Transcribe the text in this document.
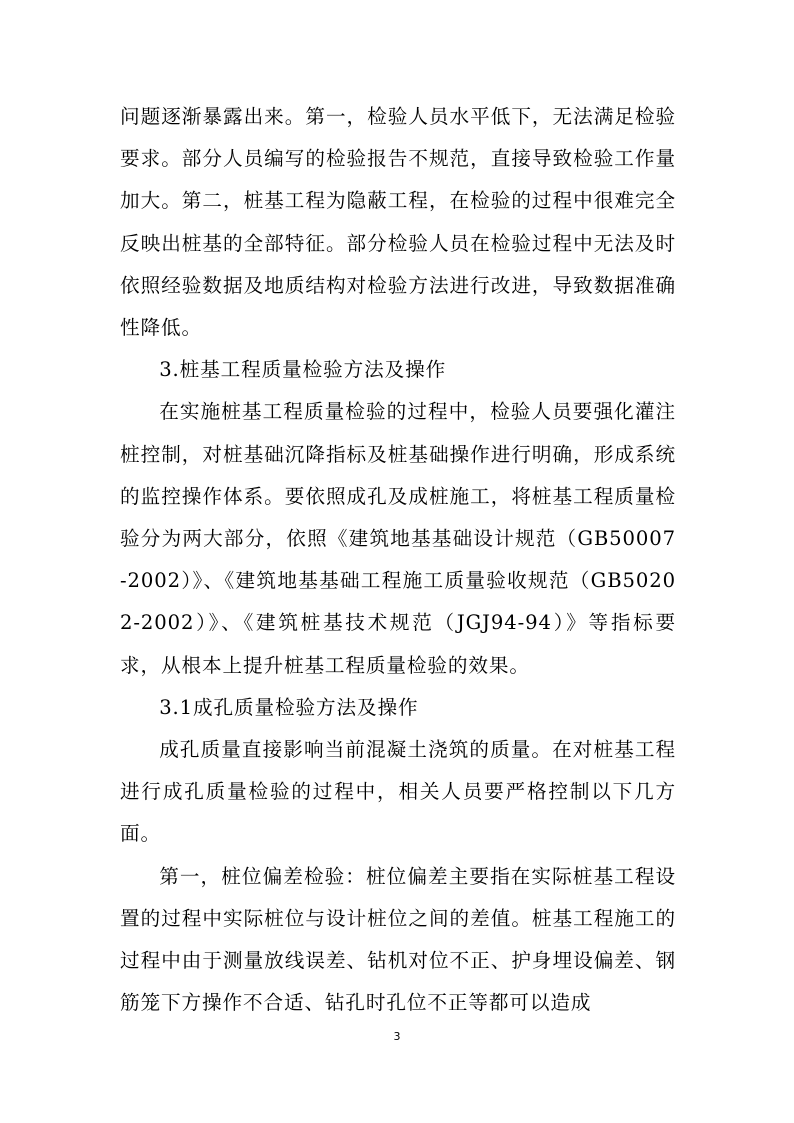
问题逐渐暴露出来。第一，检验人员水平低下，无法满足检验要求。部分人员编写的检验报告不规范，直接导致检验工作量加大。第二，桩基工程为隐蔽工程，在检验的过程中很难完全反映出桩基的全部特征。部分检验人员在检验过程中无法及时依照经验数据及地质结构对检验方法进行改进，导致数据准确性降低。

3.桩基工程质量检验方法及操作

在实施桩基工程质量检验的过程中，检验人员要强化灌注桩控制，对桩基础沉降指标及桩基础操作进行明确，形成系统的监控操作体系。要依照成孔及成桩施工，将桩基工程质量检验分为两大部分，依照《建筑地基基础设计规范（GB50007-2002）》、《建筑地基基础工程施工质量验收规范（GB50202-2002）》、《建筑桩基技术规范（JGJ94-94）》等指标要求，从根本上提升桩基工程质量检验的效果。

3.1成孔质量检验方法及操作

成孔质量直接影响当前混凝土浇筑的质量。在对桩基工程进行成孔质量检验的过程中，相关人员要严格控制以下几方面。

第一，桩位偏差检验：桩位偏差主要指在实际桩基工程设置的过程中实际桩位与设计桩位之间的差值。桩基工程施工的过程中由于测量放线误差、钻机对位不正、护身埋设偏差、钢筋笼下方操作不合适、钻孔时孔位不正等都可以造成

3
